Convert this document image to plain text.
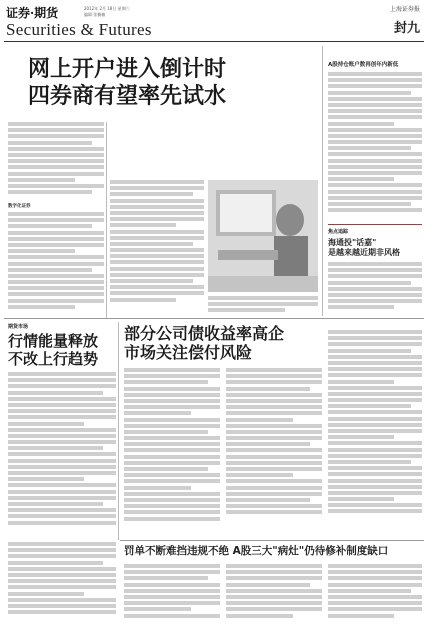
证券·期货
Securities & Futures
2012年 2月 18日 星期六
编辑 张楠楠
上海证券报
封九
网上开户进入倒计时
四券商有望率先试水
数字化证券
A股持仓账户数再创年内新低
焦点追踪
海通投"话嘉"
是越来越近期非风格
期货市场
行情能量释放
不改上行趋势
部分公司债收益率高企
市场关注偿付风险
罚单不断难挡违规不绝 A股三大"病灶"仍待修补制度缺口
